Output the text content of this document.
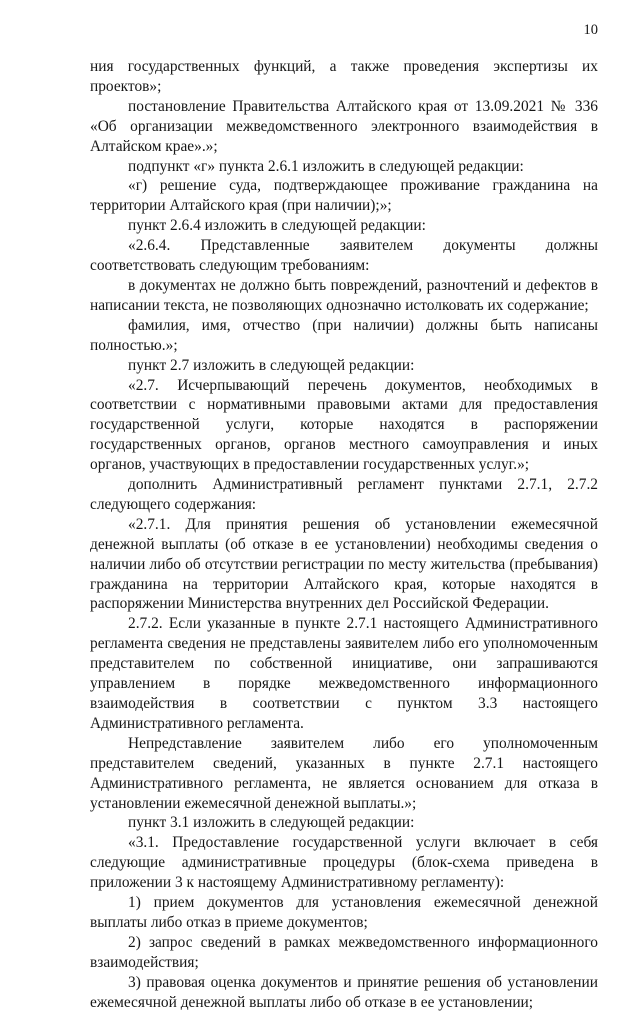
10

ния государственных функций, а также проведения экспертизы их проектов»;

постановление Правительства Алтайского края от 13.09.2021 № 336 «Об организации межведомственного электронного взаимодействия в Алтайском крае».»;

подпункт «г» пункта 2.6.1 изложить в следующей редакции:

«г) решение суда, подтверждающее проживание гражданина на территории Алтайского края (при наличии);»;

пункт 2.6.4 изложить в следующей редакции:

«2.6.4. Представленные заявителем документы должны соответствовать следующим требованиям:

в документах не должно быть повреждений, разночтений и дефектов в написании текста, не позволяющих однозначно истолковать их содержание;

фамилия, имя, отчество (при наличии) должны быть написаны полностью.»;

пункт 2.7 изложить в следующей редакции:

«2.7. Исчерпывающий перечень документов, необходимых в соответствии с нормативными правовыми актами для предоставления государственной услуги, которые находятся в распоряжении государственных органов, органов местного самоуправления и иных органов, участвующих в предоставлении государственных услуг.»;

дополнить Административный регламент пунктами 2.7.1, 2.7.2 следующего содержания:

«2.7.1. Для принятия решения об установлении ежемесячной денежной выплаты (об отказе в ее установлении) необходимы сведения о наличии либо об отсутствии регистрации по месту жительства (пребывания) гражданина на территории Алтайского края, которые находятся в распоряжении Министерства внутренних дел Российской Федерации.

2.7.2. Если указанные в пункте 2.7.1 настоящего Административного регламента сведения не представлены заявителем либо его уполномоченным представителем по собственной инициативе, они запрашиваются управлением в порядке межведомственного информационного взаимодействия в соответствии с пунктом 3.3 настоящего Административного регламента.

Непредставление заявителем либо его уполномоченным представителем сведений, указанных в пункте 2.7.1 настоящего Административного регламента, не является основанием для отказа в установлении ежемесячной денежной выплаты.»;

пункт 3.1 изложить в следующей редакции:

«3.1. Предоставление государственной услуги включает в себя следующие административные процедуры (блок-схема приведена в приложении 3 к настоящему Административному регламенту):

1) прием документов для установления ежемесячной денежной выплаты либо отказ в приеме документов;

2) запрос сведений в рамках межведомственного информационного взаимодействия;

3) правовая оценка документов и принятие решения об установлении ежемесячной денежной выплаты либо об отказе в ее установлении;
